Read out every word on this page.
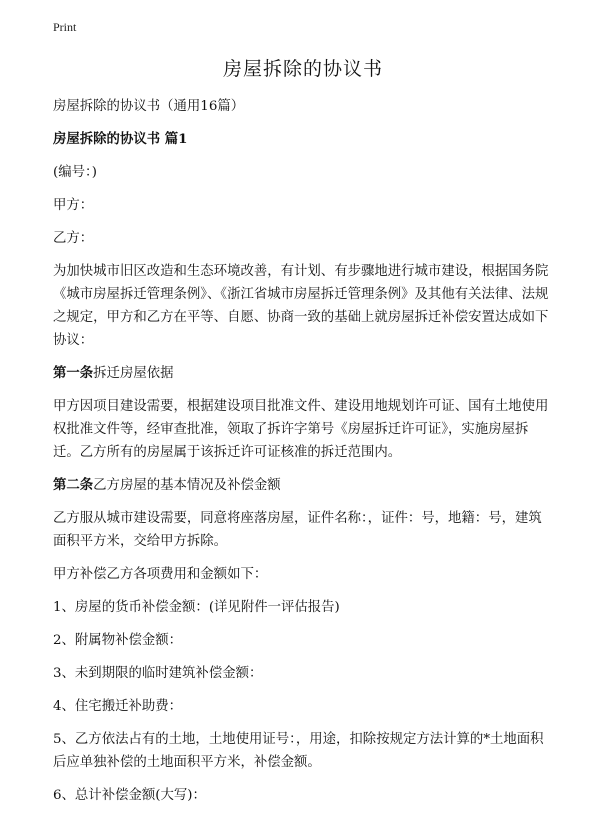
Print
房屋拆除的协议书
房屋拆除的协议书（通用16篇）
房屋拆除的协议书 篇1
(编号：)
甲方：
乙方：
为加快城市旧区改造和生态环境改善，有计划、有步骤地进行城市建设，根据国务院《城市房屋拆迁管理条例》、《浙江省城市房屋拆迁管理条例》及其他有关法律、法规之规定，甲方和乙方在平等、自愿、协商一致的基础上就房屋拆迁补偿安置达成如下协议：
第一条拆迁房屋依据
甲方因项目建设需要，根据建设项目批准文件、建设用地规划许可证、国有土地使用权批准文件等，经审查批准，领取了拆许字第号《房屋拆迁许可证》，实施房屋拆迁。乙方所有的房屋属于该拆迁许可证核准的拆迁范围内。
第二条乙方房屋的基本情况及补偿金额
乙方服从城市建设需要，同意将座落房屋，证件名称：，证件：号，地籍：号，建筑面积平方米，交给甲方拆除。
甲方补偿乙方各项费用和金额如下：
1、房屋的货币补偿金额：(详见附件一评估报告)
2、附属物补偿金额：
3、未到期限的临时建筑补偿金额：
4、住宅搬迁补助费：
5、乙方依法占有的土地，土地使用证号：，用途，扣除按规定方法计算的*土地面积后应单独补偿的土地面积平方米，补偿金额。
6、总计补偿金额(大写)：
